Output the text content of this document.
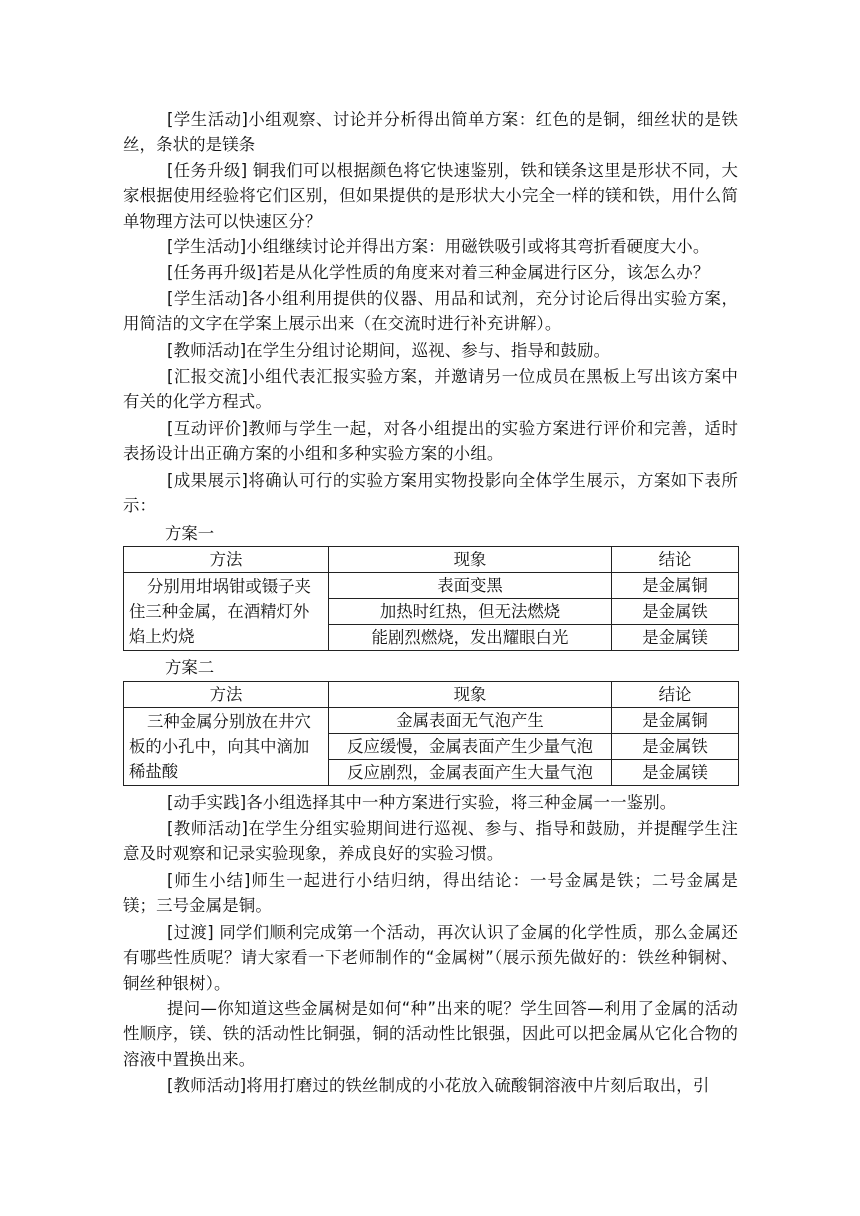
[学生活动]小组观察、讨论并分析得出简单方案：红色的是铜，细丝状的是铁丝，条状的是镁条
[任务升级] 铜我们可以根据颜色将它快速鉴别，铁和镁条这里是形状不同，大家根据使用经验将它们区别，但如果提供的是形状大小完全一样的镁和铁，用什么简单物理方法可以快速区分？
[学生活动]小组继续讨论并得出方案：用磁铁吸引或将其弯折看硬度大小。
[任务再升级]若是从化学性质的角度来对着三种金属进行区分，该怎么办？
[学生活动]各小组利用提供的仪器、用品和试剂，充分讨论后得出实验方案，用简洁的文字在学案上展示出来（在交流时进行补充讲解）。
[教师活动]在学生分组讨论期间，巡视、参与、指导和鼓励。
[汇报交流]小组代表汇报实验方案，并邀请另一位成员在黑板上写出该方案中有关的化学方程式。
[互动评价]教师与学生一起，对各小组提出的实验方案进行评价和完善，适时表扬设计出正确方案的小组和多种实验方案的小组。
[成果展示]将确认可行的实验方案用实物投影向全体学生展示，方案如下表所示：
方案一
方法	现象	结论
分别用坩埚钳或镊子夹住三种金属，在酒精灯外焰上灼烧	表面变黑	是金属铜
	加热时红热，但无法燃烧	是金属铁
	能剧烈燃烧，发出耀眼白光	是金属镁
方案二
方法	现象	结论
三种金属分别放在井穴板的小孔中，向其中滴加稀盐酸	金属表面无气泡产生	是金属铜
	反应缓慢，金属表面产生少量气泡	是金属铁
	反应剧烈，金属表面产生大量气泡	是金属镁
[动手实践]各小组选择其中一种方案进行实验，将三种金属一一鉴别。
[教师活动]在学生分组实验期间进行巡视、参与、指导和鼓励，并提醒学生注意及时观察和记录实验现象，养成良好的实验习惯。
[师生小结]师生一起进行小结归纳，得出结论：一号金属是铁；二号金属是镁；三号金属是铜。
[过渡] 同学们顺利完成第一个活动，再次认识了金属的化学性质，那么金属还有哪些性质呢？请大家看一下老师制作的“金属树”（展示预先做好的：铁丝种铜树、铜丝种银树）。
提问—你知道这些金属树是如何“种”出来的呢？学生回答—利用了金属的活动性顺序，镁、铁的活动性比铜强，铜的活动性比银强，因此可以把金属从它化合物的溶液中置换出来。
[教师活动]将用打磨过的铁丝制成的小花放入硫酸铜溶液中片刻后取出，引
